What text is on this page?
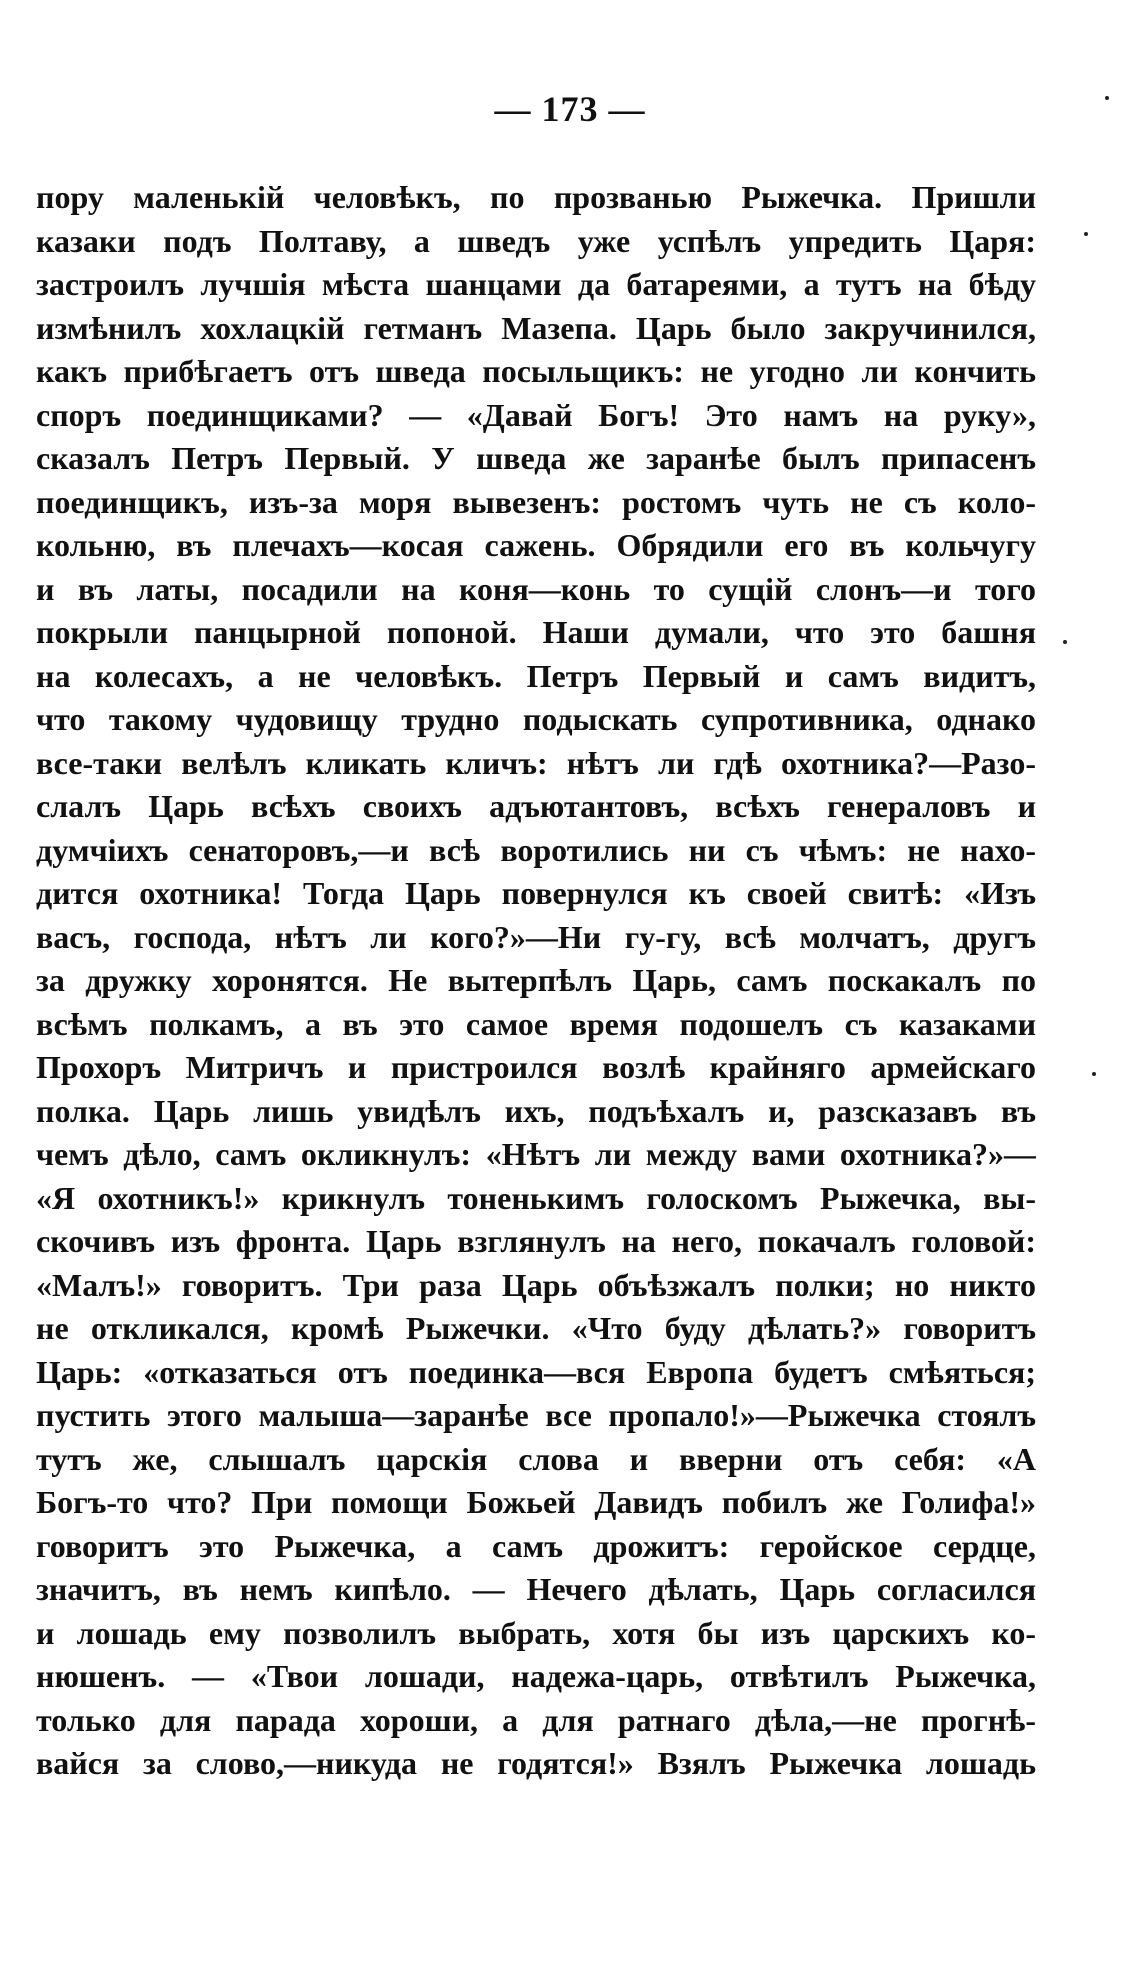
— 173 —
пору маленькій человѣкъ, по прозванью Рыжечка. Пришли
казаки подъ Полтаву, а шведъ уже успѣлъ упредить Царя:
застроилъ лучшія мѣста шанцами да батареями, а тутъ на бѣду
измѣнилъ хохлацкій гетманъ Мазепа. Царь было закручинился,
какъ прибѣгаетъ отъ шведа посыльщикъ: не угодно ли кончить
споръ поединщиками? — «Давай Богъ! Это намъ на руку»,
сказалъ Петръ Первый. У шведа же заранѣе былъ припасенъ
поединщикъ, изъ-за моря вывезенъ: ростомъ чуть не съ коло-
кольню, въ плечахъ—косая сажень. Обрядили его въ кольчугу
и въ латы, посадили на коня—конь то сущій слонъ—и того
покрыли панцырной попоной. Наши думали, что это башня
на колесахъ, а не человѣкъ. Петръ Первый и самъ видитъ,
что такому чудовищу трудно подыскать супротивника, однако
все-таки велѣлъ кликать кличъ: нѣтъ ли гдѣ охотника?—Разо-
слалъ Царь всѣхъ своихъ адъютантовъ, всѣхъ генераловъ и
думчіихъ сенаторовъ,—и всѣ воротились ни съ чѣмъ: не нахо-
дится охотника! Тогда Царь повернулся къ своей свитѣ: «Изъ
васъ, господа, нѣтъ ли кого?»—Ни гу-гу, всѣ молчатъ, другъ
за дружку хоронятся. Не вытерпѣлъ Царь, самъ поскакалъ по
всѣмъ полкамъ, а въ это самое время подошелъ съ казаками
Прохоръ Митричъ и пристроился возлѣ крайняго армейскаго
полка. Царь лишь увидѣлъ ихъ, подъѣхалъ и, разсказавъ въ
чемъ дѣло, самъ окликнулъ: «Нѣтъ ли между вами охотника?»—
«Я охотникъ!» крикнулъ тоненькимъ голоскомъ Рыжечка, вы-
скочивъ изъ фронта. Царь взглянулъ на него, покачалъ головой:
«Малъ!» говоритъ. Три раза Царь объѣзжалъ полки; но никто
не откликался, кромѣ Рыжечки. «Что буду дѣлать?» говоритъ
Царь: «отказаться отъ поединка—вся Европа будетъ смѣяться;
пустить этого малыша—заранѣе все пропало!»—Рыжечка стоялъ
тутъ же, слышалъ царскія слова и вверни отъ себя: «А
Богъ-то что? При помощи Божьей Давидъ побилъ же Голифа!»
говоритъ это Рыжечка, а самъ дрожитъ: геройское сердце,
значитъ, въ немъ кипѣло. — Нечего дѣлать, Царь согласился
и лошадь ему позволилъ выбрать, хотя бы изъ царскихъ ко-
нюшенъ. — «Твои лошади, надежа-царь, отвѣтилъ Рыжечка,
только для парада хороши, а для ратнаго дѣла,—не прогнѣ-
вайся за слово,—никуда не годятся!» Взялъ Рыжечка лошадь
